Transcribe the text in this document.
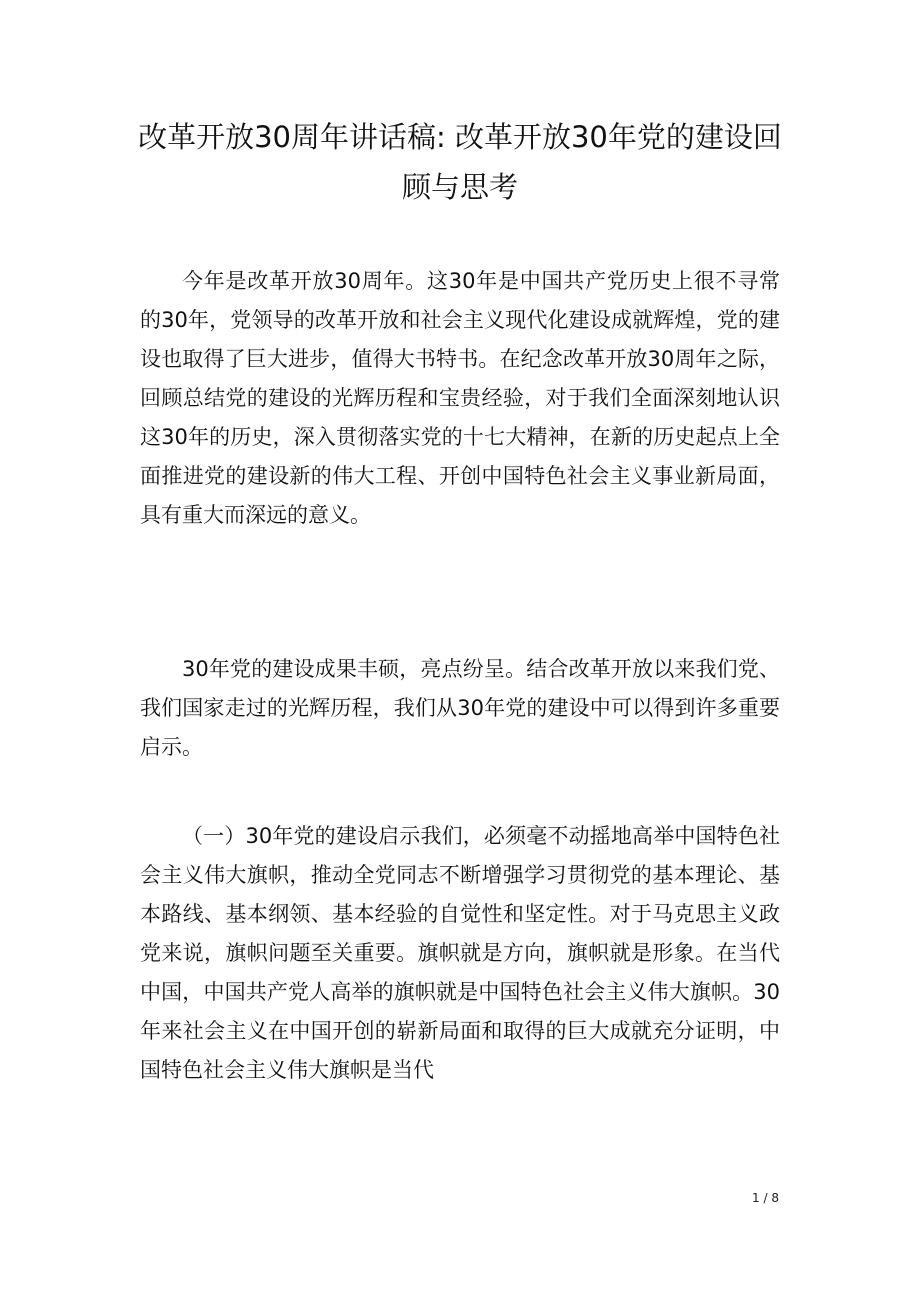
改革开放30周年讲话稿: 改革开放30年党的建设回顾与思考

今年是改革开放30周年。这30年是中国共产党历史上很不寻常的30年，党领导的改革开放和社会主义现代化建设成就辉煌，党的建设也取得了巨大进步，值得大书特书。在纪念改革开放30周年之际，回顾总结党的建设的光辉历程和宝贵经验，对于我们全面深刻地认识这30年的历史，深入贯彻落实党的十七大精神，在新的历史起点上全面推进党的建设新的伟大工程、开创中国特色社会主义事业新局面，具有重大而深远的意义。

30年党的建设成果丰硕，亮点纷呈。结合改革开放以来我们党、我们国家走过的光辉历程，我们从30年党的建设中可以得到许多重要启示。

（一）30年党的建设启示我们，必须毫不动摇地高举中国特色社会主义伟大旗帜，推动全党同志不断增强学习贯彻党的基本理论、基本路线、基本纲领、基本经验的自觉性和坚定性。对于马克思主义政党来说，旗帜问题至关重要。旗帜就是方向，旗帜就是形象。在当代中国，中国共产党人高举的旗帜就是中国特色社会主义伟大旗帜。30年来社会主义在中国开创的崭新局面和取得的巨大成就充分证明，中国特色社会主义伟大旗帜是当代

1 / 8
